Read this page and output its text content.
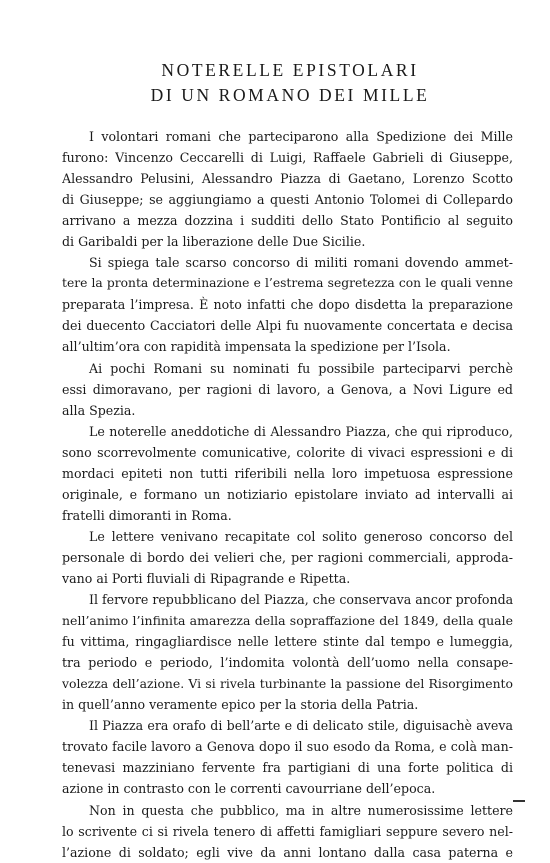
NOTERELLE EPISTOLARI
DI UN ROMANO DEI MILLE
I volontari romani che parteciparono alla Spedizione dei Mille
furono: Vincenzo Ceccarelli di Luigi, Raffaele Gabrieli di Giuseppe,
Alessandro Pelusini, Alessandro Piazza di Gaetano, Lorenzo Scotto
di Giuseppe; se aggiungiamo a questi Antonio Tolomei di Collepardo
arrivano a mezza dozzina i sudditi dello Stato Pontificio al seguito
di Garibaldi per la liberazione delle Due Sicilie.
Si spiega tale scarso concorso di militi romani dovendo ammet-
tere la pronta determinazione e l’estrema segretezza con le quali venne
preparata l’impresa. È noto infatti che dopo disdetta la preparazione
dei duecento Cacciatori delle Alpi fu nuovamente concertata e decisa
all’ultim’ora con rapidità impensata la spedizione per l’Isola.
Ai pochi Romani su nominati fu possibile parteciparvi perchè
essi dimoravano, per ragioni di lavoro, a Genova, a Novi Ligure ed
alla Spezia.
Le noterelle aneddotiche di Alessandro Piazza, che qui riproduco,
sono scorrevolmente comunicative, colorite di vivaci espressioni e di
mordaci epiteti non tutti riferibili nella loro impetuosa espressione
originale, e formano un notiziario epistolare inviato ad intervalli ai
fratelli dimoranti in Roma.
Le lettere venivano recapitate col solito generoso concorso del
personale di bordo dei velieri che, per ragioni commerciali, approda-
vano ai Porti fluviali di Ripagrande e Ripetta.
Il fervore repubblicano del Piazza, che conservava ancor profonda
nell’animo l’infinita amarezza della sopraffazione del 1849, della quale
fu vittima, ringagliardisce nelle lettere stinte dal tempo e lumeggia,
tra periodo e periodo, l’indomita volontà dell’uomo nella consape-
volezza dell’azione. Vi si rivela turbinante la passione del Risorgimento
in quell’anno veramente epico per la storia della Patria.
Il Piazza era orafo di bell’arte e di delicato stile, diguisachè aveva
trovato facile lavoro a Genova dopo il suo esodo da Roma, e colà man-
tenevasi mazziniano fervente fra partigiani di una forte politica di
azione in contrasto con le correnti cavourriane dell’epoca.
Non in questa che pubblico, ma in altre numerosissime lettere
lo scrivente ci si rivela tenero di affetti famigliari seppure severo nel-
l’azione di soldato; egli vive da anni lontano dalla casa paterna e
